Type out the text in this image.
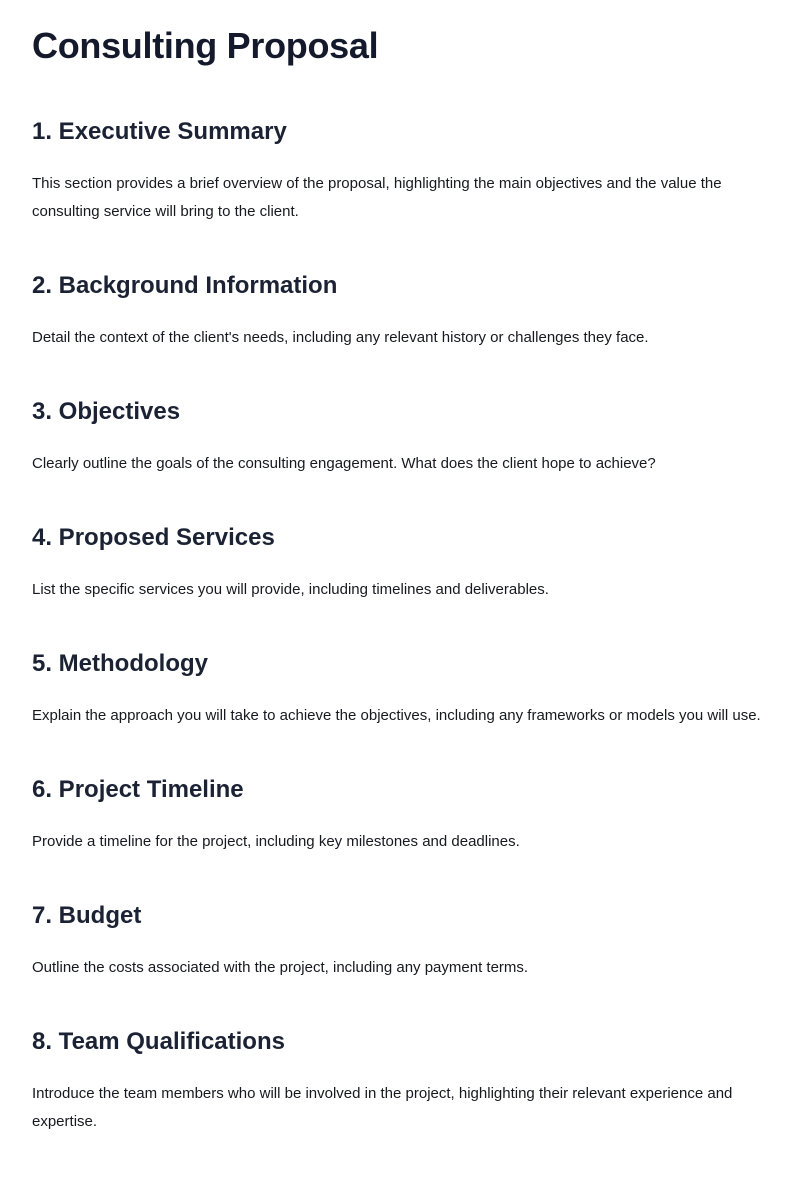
Consulting Proposal
1. Executive Summary

This section provides a brief overview of the proposal, highlighting the main objectives and the value the consulting service will bring to the client.

2. Background Information

Detail the context of the client's needs, including any relevant history or challenges they face.

3. Objectives

Clearly outline the goals of the consulting engagement. What does the client hope to achieve?

4. Proposed Services

List the specific services you will provide, including timelines and deliverables.

5. Methodology

Explain the approach you will take to achieve the objectives, including any frameworks or models you will use.

6. Project Timeline

Provide a timeline for the project, including key milestones and deadlines.

7. Budget

Outline the costs associated with the project, including any payment terms.

8. Team Qualifications

Introduce the team members who will be involved in the project, highlighting their relevant experience and expertise.
